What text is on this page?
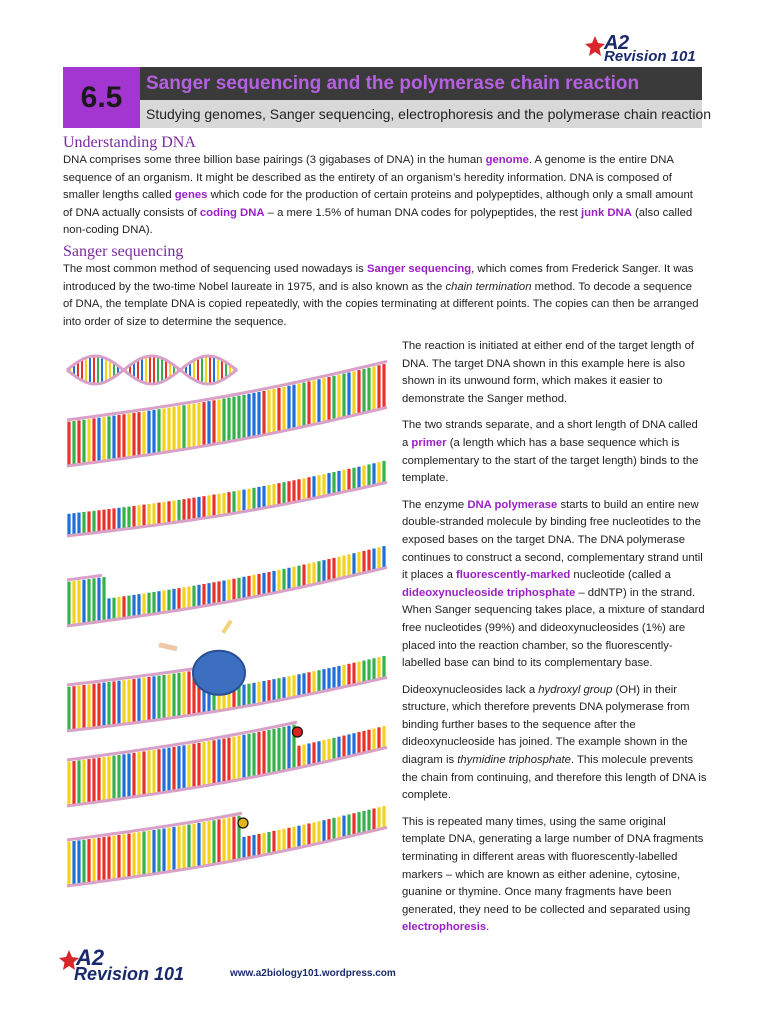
A2
Revision 101
6.5	Sanger sequencing and the polymerase chain reaction
Studying genomes, Sanger sequencing, electrophoresis and the polymerase chain reaction
Understanding DNA

DNA comprises some three billion base pairings (3 gigabases of DNA) in the human genome. A genome is the entire DNA sequence of an organism. It might be described as the entirety of an organism’s heredity information. DNA is composed of smaller lengths called genes which code for the production of certain proteins and polypeptides, although only a small amount of DNA actually consists of coding DNA – a mere 1.5% of human DNA codes for polypeptides, the rest junk DNA (also called non-coding DNA).

Sanger sequencing

The most common method of sequencing used nowadays is Sanger sequencing, which comes from Frederick Sanger. It was introduced by the two-time Nobel laureate in 1975, and is also known as the chain termination method. To decode a sequence of DNA, the template DNA is copied repeatedly, with the copies terminating at different points. The copies can then be arranged into order of size to determine the sequence.

The reaction is initiated at either end of the target length of DNA. The target DNA shown in this example here is also shown in its unwound form, which makes it easier to demonstrate the Sanger method.

The two strands separate, and a short length of DNA called a primer (a length which has a base sequence which is complementary to the start of the target length) binds to the template.

The enzyme DNA polymerase starts to build an entire new double-stranded molecule by binding free nucleotides to the exposed bases on the target DNA. The DNA polymerase continues to construct a second, complementary strand until it places a fluorescently-marked nucleotide (called a dideoxynucleoside triphosphate – ddNTP) in the strand. When Sanger sequencing takes place, a mixture of standard free nucleotides (99%) and dideoxynucleosides (1%) are placed into the reaction chamber, so the fluorescently-labelled base can bind to its complementary base.

Dideoxynucleosides lack a hydroxyl group (OH) in their structure, which therefore prevents DNA polymerase from binding further bases to the sequence after the dideoxynucleoside has joined. The example shown in the diagram is thymidine triphosphate. This molecule prevents the chain from continuing, and therefore this length of DNA is complete.

This is repeated many times, using the same original template DNA, generating a large number of DNA fragments terminating in different areas with fluorescently-labelled markers – which are known as either adenine, cytosine, guanine or thymine. Once many fragments have been generated, they need to be collected and separated using electrophoresis.

A2
Revision 101	www.a2biology101.wordpress.com
